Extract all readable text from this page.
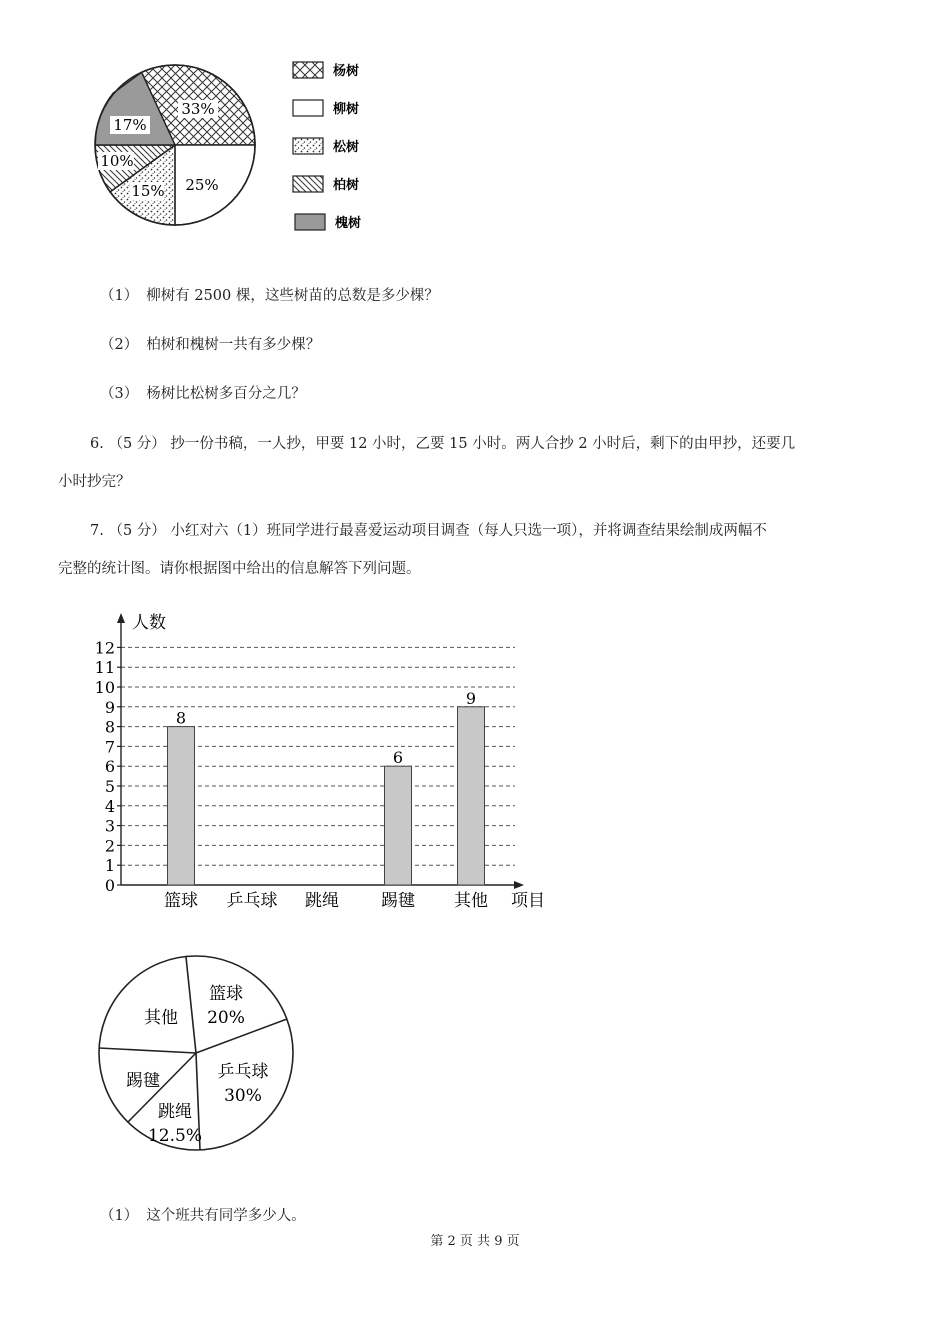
33%
25%
15%
10%
17%
杨树
柳树
松树
柏树
槐树
（1） 柳树有 2500 棵，这些树苗的总数是多少棵？
（2） 柏树和槐树一共有多少棵？
（3） 杨树比松树多百分之几？
6. （5 分） 抄一份书稿，一人抄，甲要 12 小时，乙要 15 小时。两人合抄 2 小时后，剩下的由甲抄，还要几
小时抄完？
7. （5 分） 小红对六（1）班同学进行最喜爱运动项目调查（每人只选一项），并将调查结果绘制成两幅不
完整的统计图。请你根据图中给出的信息解答下列问题。
人数
项目
0
1
2
3
4
5
6
7
8
9
10
11
12
8
篮球 乒乓球 跳绳
6
踢毽
9
其他
其他
篮球
20%
乒乓球
30%
踢毽
跳绳
12.5%
（1） 这个班共有同学多少人。
第 2 页 共 9 页
